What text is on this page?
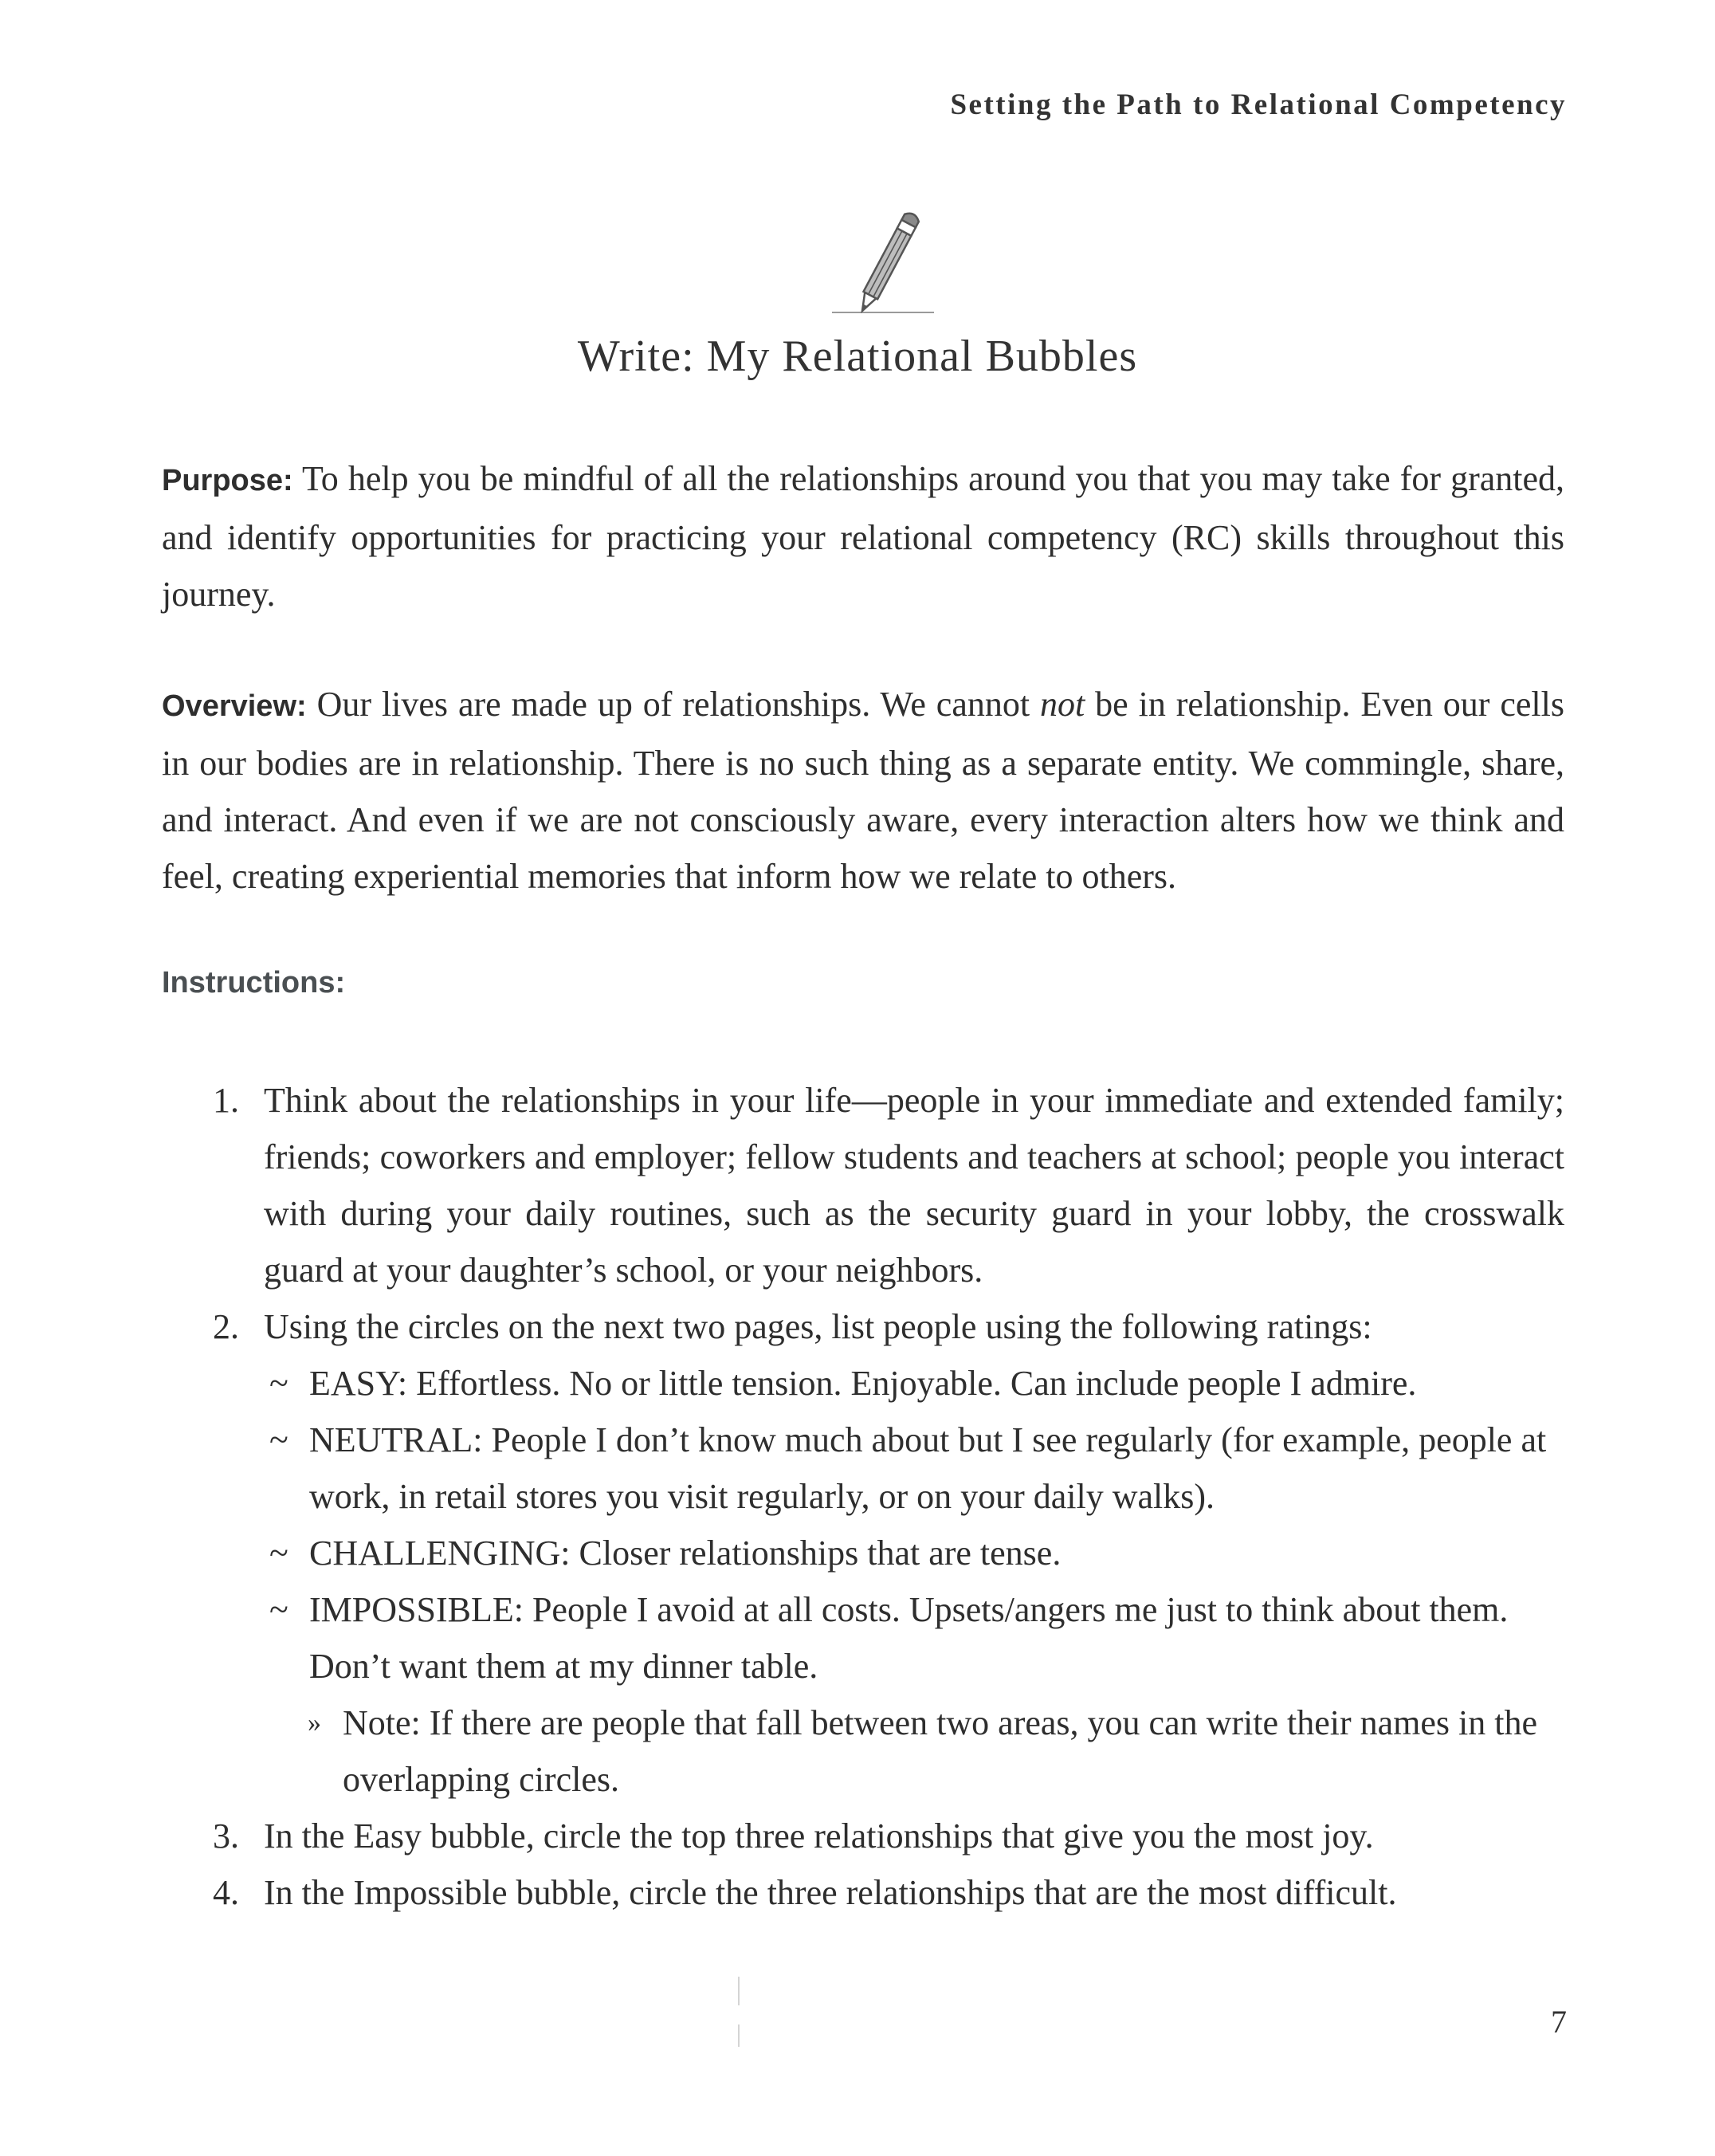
Setting the Path to Relational Competency
Write: My Relational Bubbles

Purpose: To help you be mindful of all the relationships around you that you may take for granted, and identify opportunities for practicing your relational competency (RC) skills throughout this journey.

Overview: Our lives are made up of relationships. We cannot not be in relationship. Even our cells in our bodies are in relationship. There is no such thing as a separate entity. We commingle, share, and interact. And even if we are not consciously aware, every interaction alters how we think and feel, creating experiential memories that inform how we relate to others.

Instructions:
1. Think about the relationships in your life—people in your immediate and extended family; friends; coworkers and employer; fellow students and teachers at school; people you interact with during your daily routines, such as the security guard in your lobby, the crosswalk guard at your daughter’s school, or your neighbors.
2. Using the circles on the next two pages, list people using the following ratings:
~ EASY: Effortless. No or little tension. Enjoyable. Can include people I admire.
~ NEUTRAL: People I don’t know much about but I see regularly (for example, people at work, in retail stores you visit regularly, or on your daily walks).
~ CHALLENGING: Closer relationships that are tense.
~ IMPOSSIBLE: People I avoid at all costs. Upsets/angers me just to think about them. Don’t want them at my dinner table.
» Note: If there are people that fall between two areas, you can write their names in the overlapping circles.
3. In the Easy bubble, circle the top three relationships that give you the most joy.
4. In the Impossible bubble, circle the three relationships that are the most difficult.
7
